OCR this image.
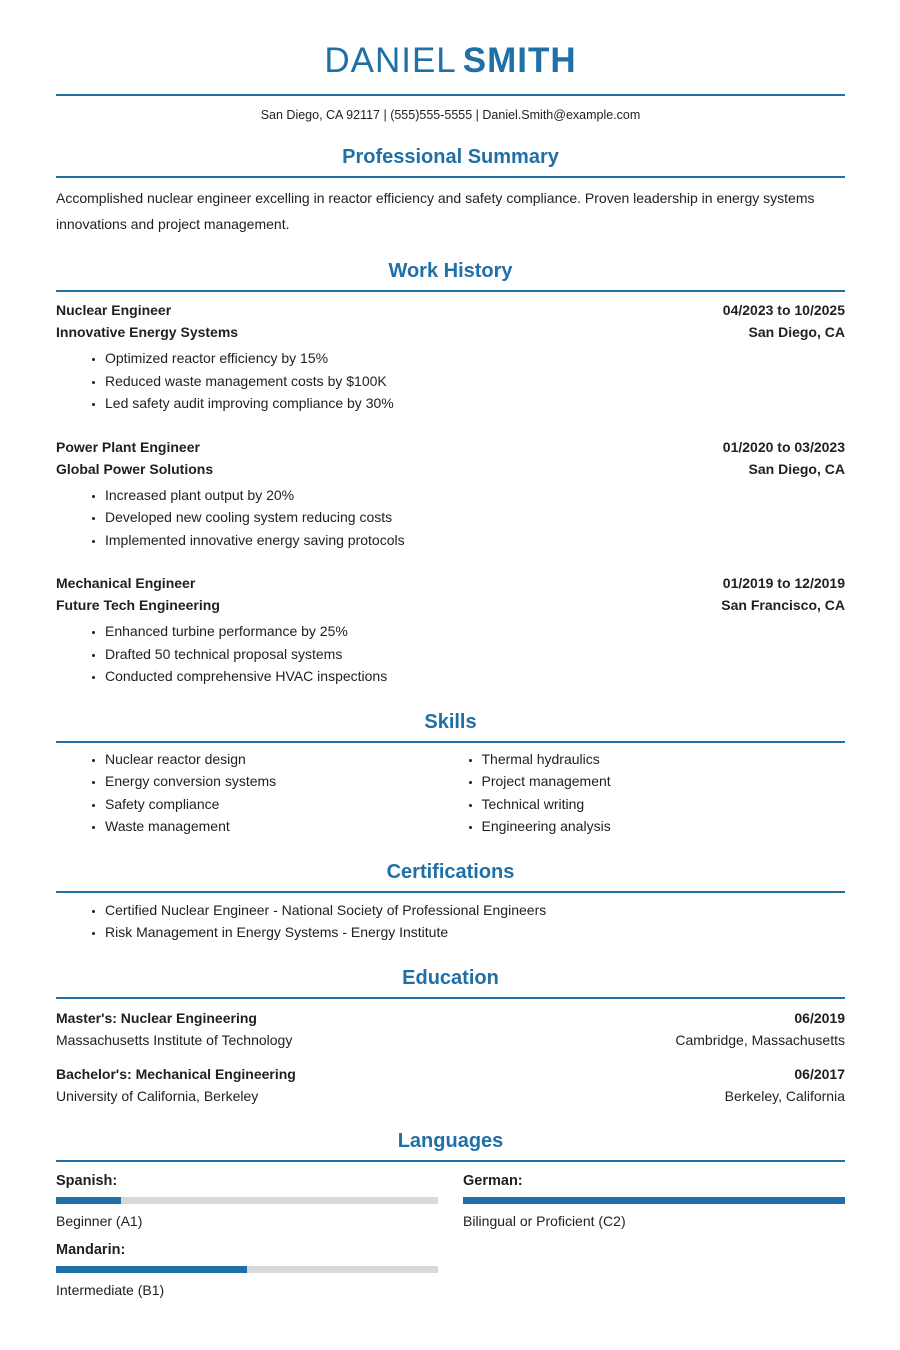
DANIEL SMITH
San Diego, CA 92117 | (555)555-5555 | Daniel.Smith@example.com
Professional Summary

Accomplished nuclear engineer excelling in reactor efficiency and safety compliance. Proven leadership in energy systems innovations and project management.

Work History
Nuclear Engineer
Innovative Energy Systems
04/2023 to 10/2025
San Diego, CA
• Optimized reactor efficiency by 15%
• Reduced waste management costs by $100K
• Led safety audit improving compliance by 30%
Power Plant Engineer
Global Power Solutions
01/2020 to 03/2023
San Diego, CA
• Increased plant output by 20%
• Developed new cooling system reducing costs
• Implemented innovative energy saving protocols
Mechanical Engineer
Future Tech Engineering
01/2019 to 12/2019
San Francisco, CA
• Enhanced turbine performance by 25%
• Drafted 50 technical proposal systems
• Conducted comprehensive HVAC inspections
Skills
• Nuclear reactor design
• Energy conversion systems
• Safety compliance
• Waste management
• Thermal hydraulics
• Project management
• Technical writing
• Engineering analysis
Certifications
• Certified Nuclear Engineer - National Society of Professional Engineers
• Risk Management in Energy Systems - Energy Institute
Education
Master's: Nuclear Engineering
Massachusetts Institute of Technology
06/2019
Cambridge, Massachusetts
Bachelor's: Mechanical Engineering
University of California, Berkeley
06/2017
Berkeley, California
Languages
Spanish:
Beginner (A1)
German:
Bilingual or Proficient (C2)
Mandarin:
Intermediate (B1)
